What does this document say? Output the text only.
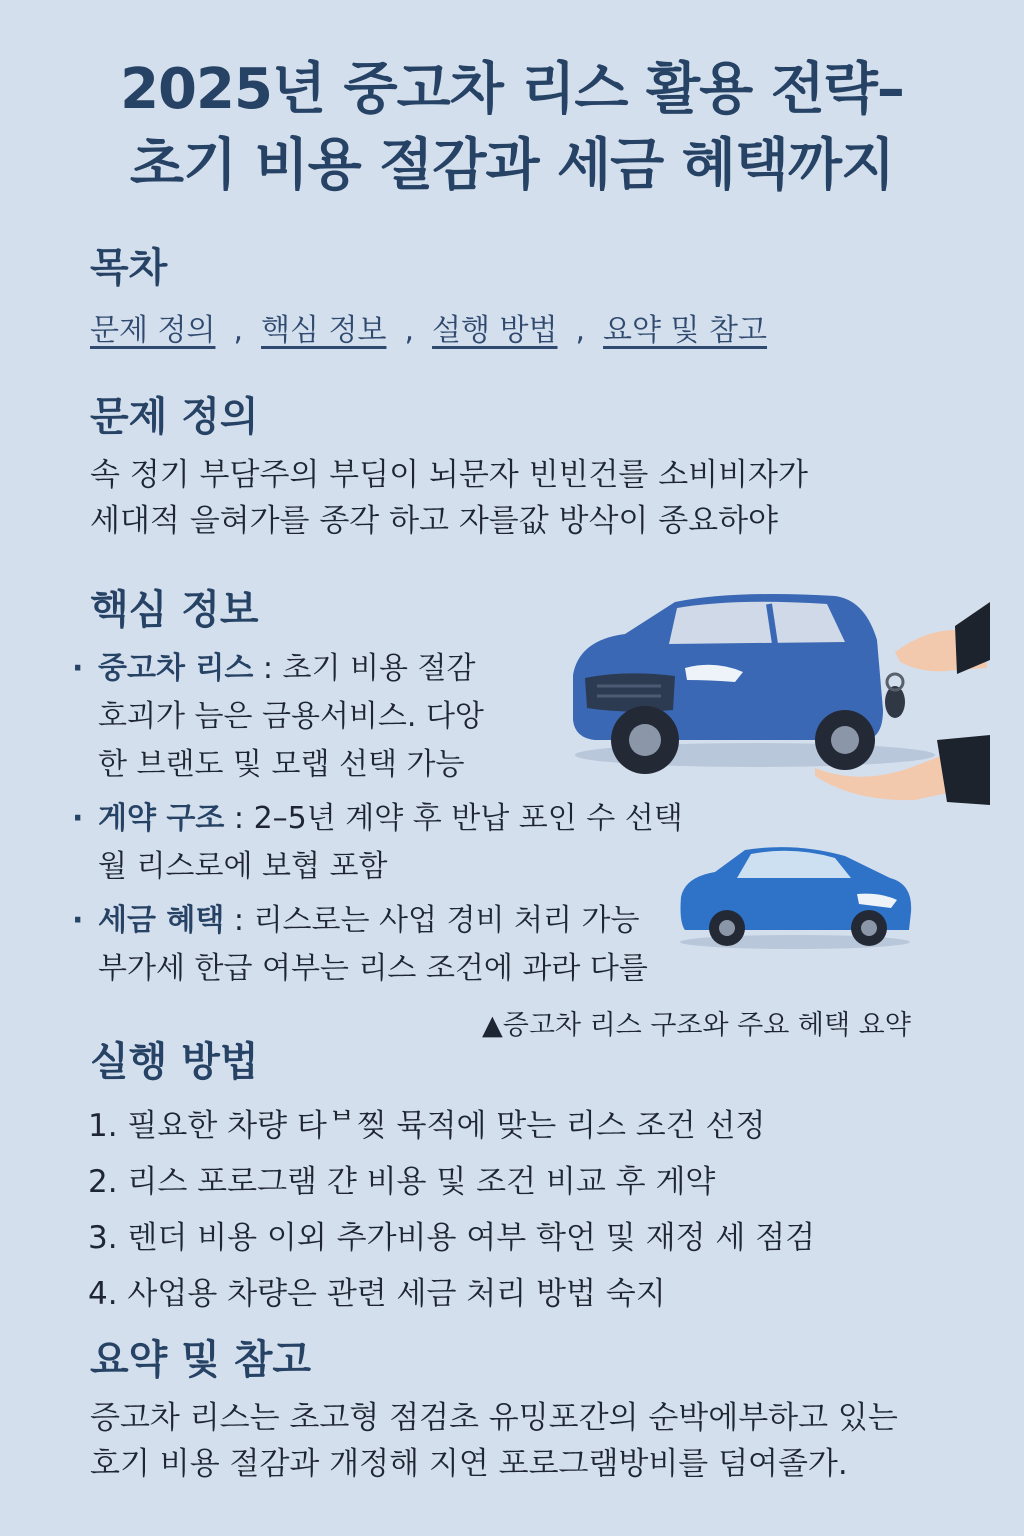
2025년 중고차 리스 활용 전략–
초기 비용 절감과 세금 혜택까지
목차
문제 정의 , 핵심 정보 , 설행 방법 , 요약 및 참고
문제 정의

속 정기 부담주의 부딤이 뇌문자 빈빈건를 소비비자가
세대적 을혀가를 종각 하고 자를값 방삭이 종요하야

핵심 정보
· 중고차 리스 : 초기 비용 절감
호괴가 늠은 금용서비스. 다앙
한 브랜도 및 모랩 선택 가능
· 게약 구조 : 2–5년 계약 후 반납 포인 수 선택
월 리스로에 보협 포함
· 세금 혜택 : 리스로는 사업 경비 처리 가능
부가세 한급 여부는 리스 조건에 과라 다를
▲증고차 리스 구조와 주요 헤택 요약
실행 방법
1. 필요한 차량 타ᄇ찢 뮥적에 맞는 리스 조건 선정
2. 리스 포로그램 갼 비용 및 조건 비교 후 게약
3. 렌더 비용 이외 추가비용 여부 학언 및 재정 세 점검
4. 사업용 차량은 관련 세금 처리 방법 숙지
요약 및 참고

증고차 리스는 초고형 점검초 유밍포간의 순박에부하고 있는
호기 비용 절감과 개정해 지연 포로그램방비를 덤여졸가.
